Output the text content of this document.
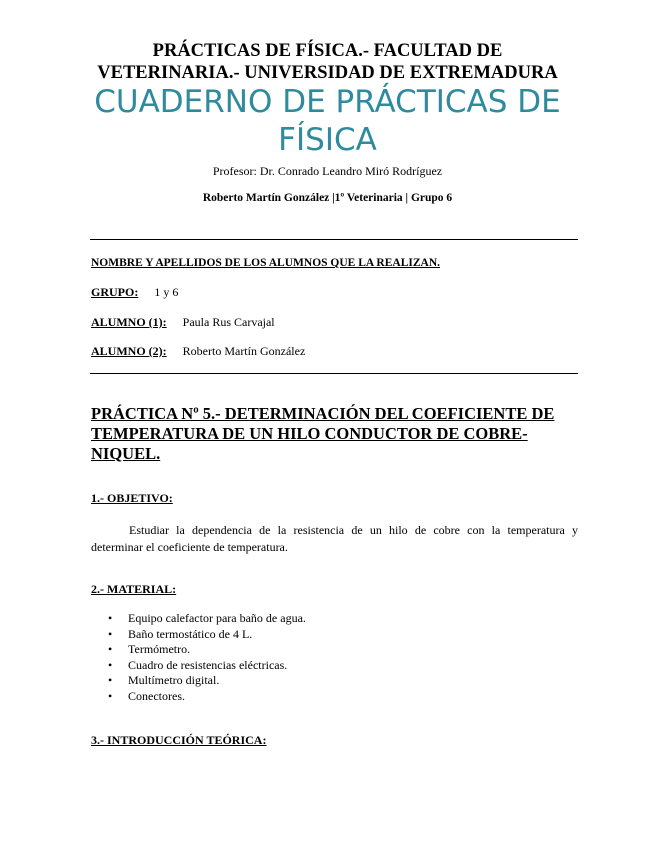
PRÁCTICAS DE FÍSICA.- FACULTAD DE
VETERINARIA.- UNIVERSIDAD DE EXTREMADURA
CUADERNO DE PRÁCTICAS DE
FÍSICA
Profesor: Dr. Conrado Leandro Miró Rodríguez
Roberto Martín González |1º Veterinaria | Grupo 6
NOMBRE Y APELLIDOS DE LOS ALUMNOS QUE LA REALIZAN.
GRUPO: 1 y 6
ALUMNO (1): Paula Rus Carvajal
ALUMNO (2): Roberto Martín González
PRÁCTICA Nº 5.- DETERMINACIÓN DEL COEFICIENTE DE
TEMPERATURA DE UN HILO CONDUCTOR DE COBRE-
NIQUEL.
1.- OBJETIVO:
Estudiar la dependencia de la resistencia de un hilo de cobre con la temperatura y
determinar el coeficiente de temperatura.
2.- MATERIAL:
• Equipo calefactor para baño de agua.
• Baño termostático de 4 L.
• Termómetro.
• Cuadro de resistencias eléctricas.
• Multímetro digital.
• Conectores.
3.- INTRODUCCIÓN TEÓRICA:
